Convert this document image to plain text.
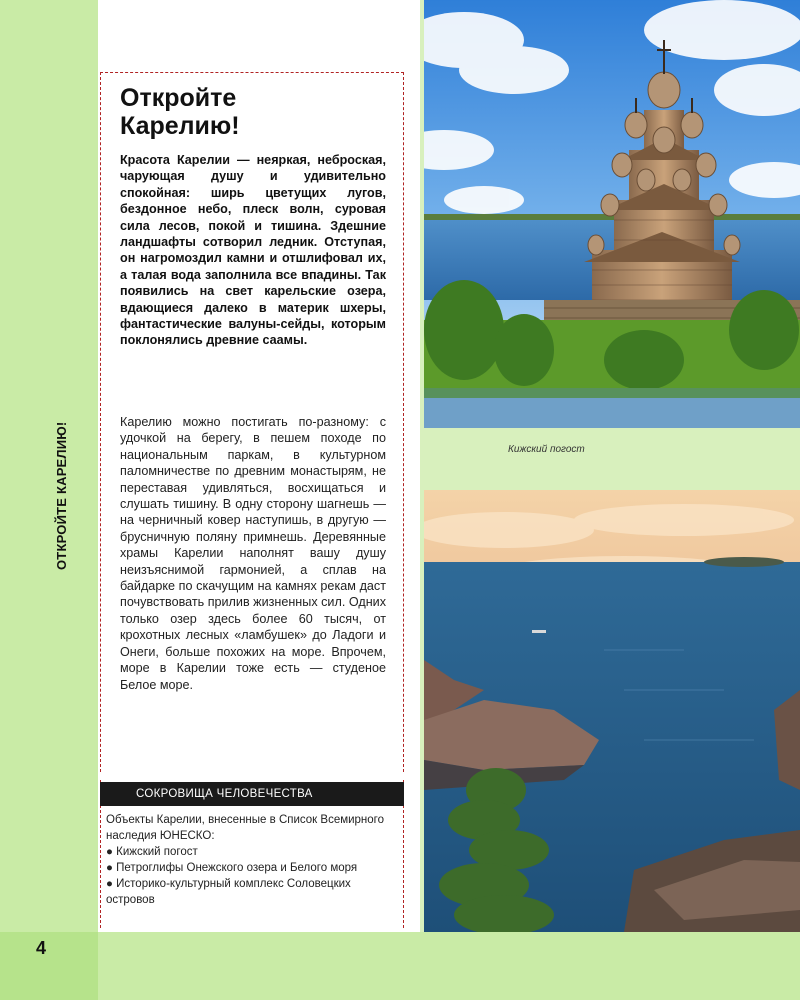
4
ОТКРОЙТЕ КАРЕЛИЮ!	Кижский погост
Откройте
Карелию!

Красота Карелии — неяркая, неброская, чарующая душу и удивительно спокойная: ширь цветущих лугов, бездонное небо, плеск волн, суровая сила лесов, покой и тишина. Здешние ландшафты сотворил ледник. Отступая, он нагромоздил камни и отшлифовал их, а талая вода заполнила все впадины. Так появились на свет карельские озера, вдающиеся далеко в материк шхеры, фантастические валуны-сейды, которым поклонялись древние саамы.

Карелию можно постигать по-разному: с удочкой на берегу, в пешем походе по национальным паркам, в культурном паломничестве по древним монастырям, не переставая удивляться, восхищаться и слушать тишину. В одну сторону шагнешь — на черничный ковер наступишь, в другую — брусничную поляну примнешь. Деревянные храмы Карелии наполнят вашу душу неизъяснимой гармонией, а сплав на байдарке по скачущим на камнях рекам даст почувствовать прилив жизненных сил. Одних только озер здесь более 60 тысяч, от крохотных лесных «ламбушек» до Ладоги и Онеги, больше похожих на море. Впрочем, море в Карелии тоже есть — студеное Белое море.

СОКРОВИЩА ЧЕЛОВЕЧЕСТВА
Объекты Карелии, внесенные в Список Всемирного наследия ЮНЕСКО:
● Кижский погост
● Петроглифы Онежского озера и Белого моря
● Историко-культурный комплекс Соловецких островов
